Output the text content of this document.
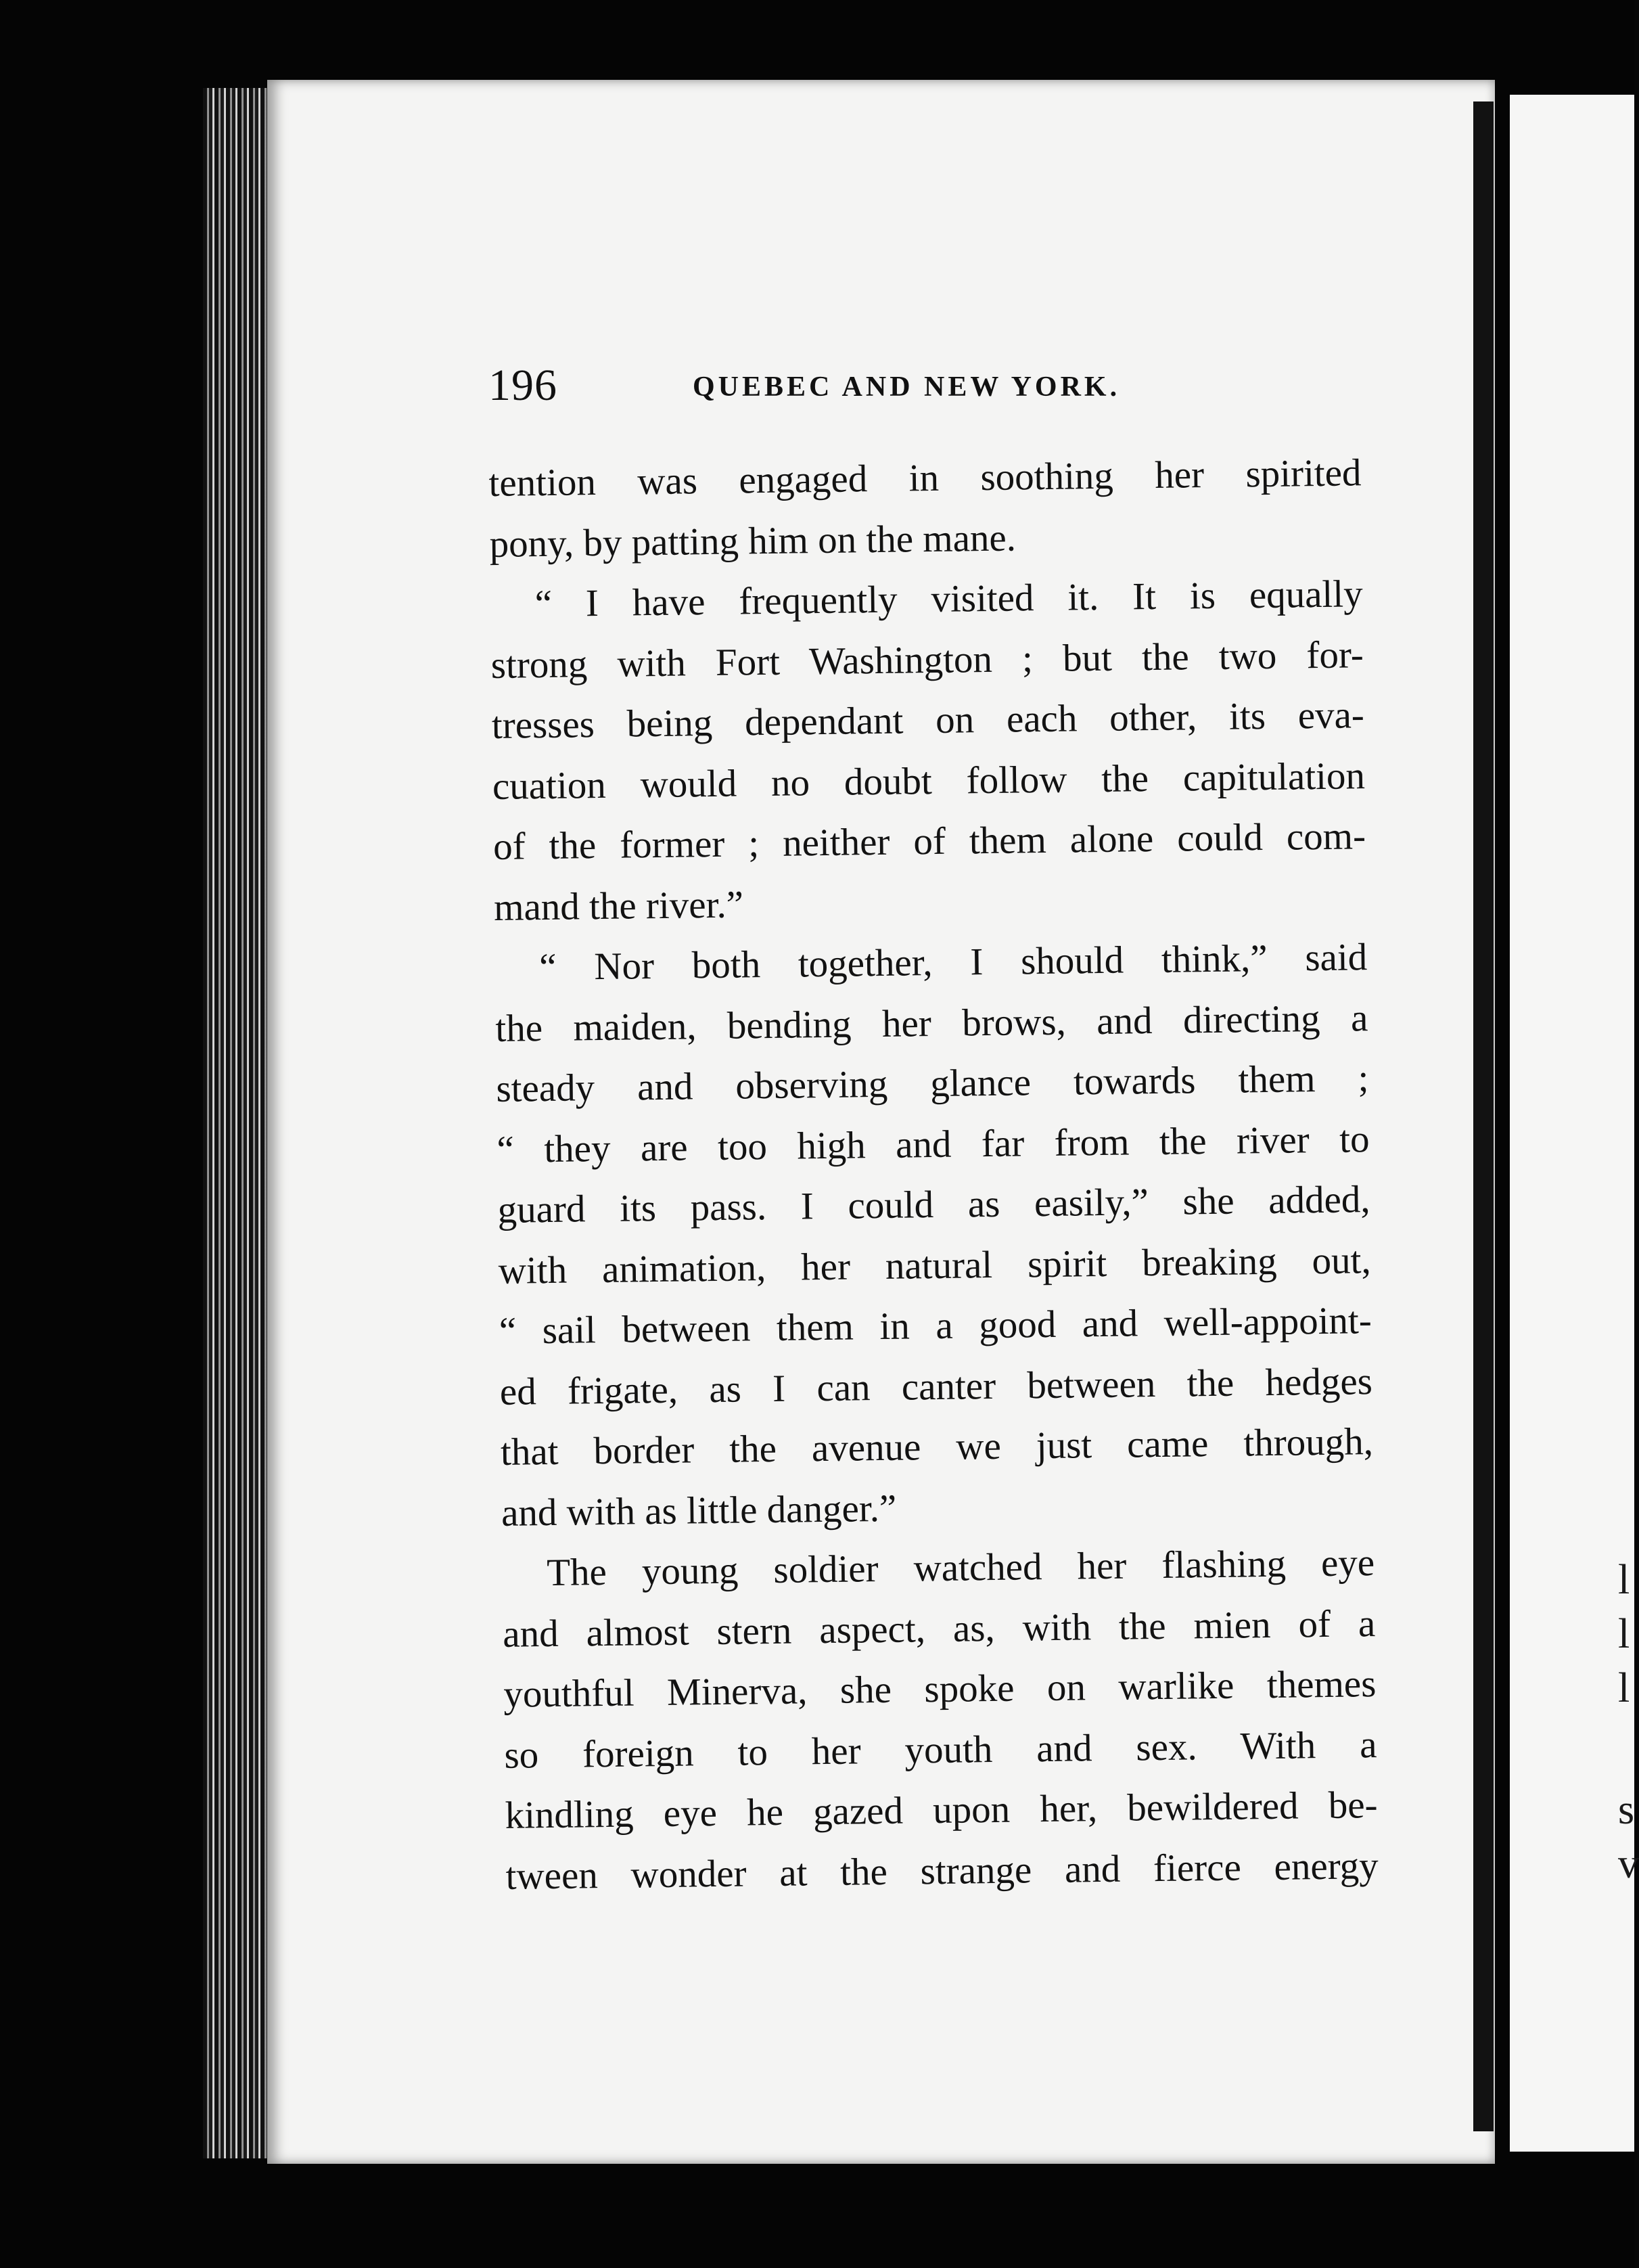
l
l
l
s
v
196	QUEBEC AND NEW YORK.
tention was engaged in soothing her spirited
pony, by patting him on the mane.
“ I have frequently visited it. It is equally
strong with Fort Washington ; but the two for-
tresses being dependant on each other, its eva-
cuation would no doubt follow the capitulation
of the former ; neither of them alone could com-
mand the river.”
“ Nor both together, I should think,” said
the maiden, bending her brows, and directing a
steady and observing glance towards them ;
“ they are too high and far from the river to
guard its pass. I could as easily,” she added,
with animation, her natural spirit breaking out,
“ sail between them in a good and well-appoint-
ed frigate, as I can canter between the hedges
that border the avenue we just came through,
and with as little danger.”
The young soldier watched her flashing eye
and almost stern aspect, as, with the mien of a
youthful Minerva, she spoke on warlike themes
so foreign to her youth and sex. With a
kindling eye he gazed upon her, bewildered be-
tween wonder at the strange and fierce energy
